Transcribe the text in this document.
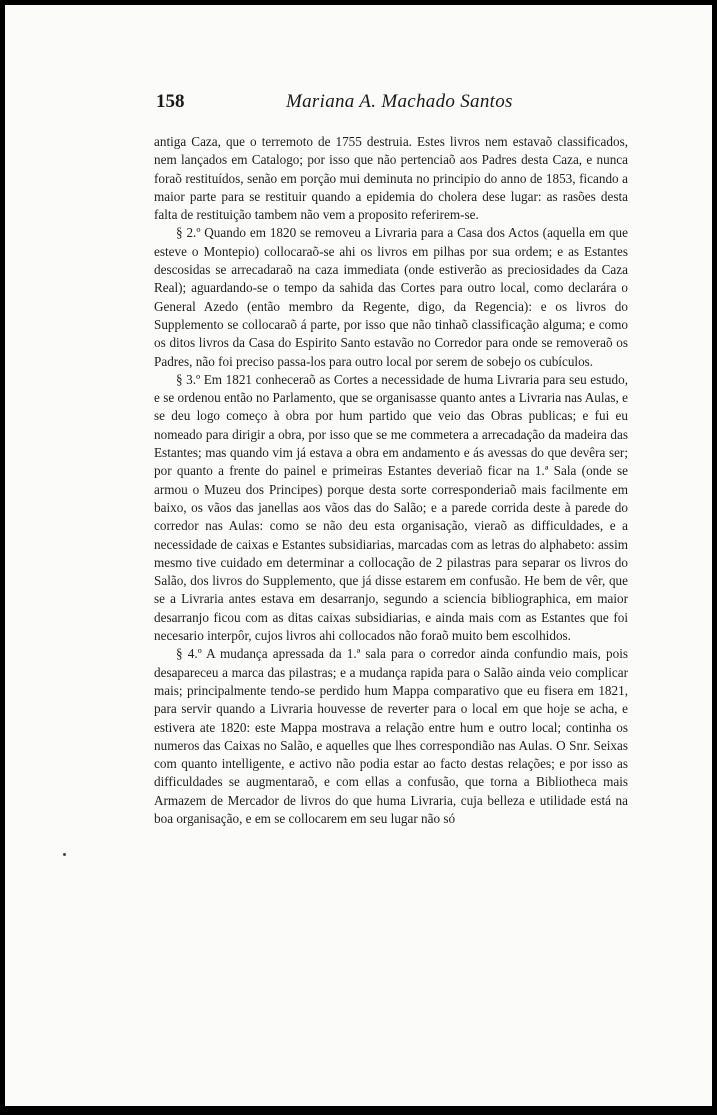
158	Mariana A. Machado Santos

antiga Caza, que o terremoto de 1755 destruia. Estes livros nem estavaõ classificados, nem lançados em Catalogo; por isso que não pertenciaõ aos Padres desta Caza, e nunca foraõ restituídos, senão em porção mui deminuta no principio do anno de 1853, ficando a maior parte para se restituir quando a epidemia do cholera dese lugar: as rasões desta falta de restituição tambem não vem a proposito referirem-se.

§ 2.º Quando em 1820 se removeu a Livraria para a Casa dos Actos (aquella em que esteve o Montepio) collocaraõ-se ahi os livros em pilhas por sua ordem; e as Estantes descosidas se arrecadaraõ na caza immediata (onde estiverão as preciosidades da Caza Real); aguardando-se o tempo da sahida das Cortes para outro local, como declarára o General Azedo (então membro da Regente, digo, da Regencia): e os livros do Supplemento se collocaraõ á parte, por isso que não tinhaõ classificação alguma; e como os ditos livros da Casa do Espirito Santo estavão no Corredor para onde se removeraõ os Padres, não foi preciso passa-los para outro local por serem de sobejo os cubículos.

§ 3.º Em 1821 conheceraõ as Cortes a necessidade de huma Livraria para seu estudo, e se ordenou então no Parlamento, que se organisasse quanto antes a Livraria nas Aulas, e se deu logo começo à obra por hum partido que veio das Obras publicas; e fui eu nomeado para dirigir a obra, por isso que se me commetera a arrecadação da madeira das Estantes; mas quando vim já estava a obra em andamento e ás avessas do que devêra ser; por quanto a frente do painel e primeiras Estantes deveriaõ ficar na 1.ª Sala (onde se armou o Muzeu dos Principes) porque desta sorte corresponderiaõ mais facilmente em baixo, os vãos das janellas aos vãos das do Salão; e a parede corrida deste à parede do corredor nas Aulas: como se não deu esta organisação, vieraõ as difficuldades, e a necessidade de caixas e Estantes subsidiarias, marcadas com as letras do alphabeto: assim mesmo tive cuidado em determinar a collocação de 2 pilastras para separar os livros do Salão, dos livros do Supplemento, que já disse estarem em confusão. He bem de vêr, que se a Livraria antes estava em desarranjo, segundo a sciencia bibliographica, em maior desarranjo ficou com as ditas caixas subsidiarias, e ainda mais com as Estantes que foi necesario interpôr, cujos livros ahi collocados não foraõ muito bem escolhidos.

§ 4.º A mudança apressada da 1.ª sala para o corredor ainda confundio mais, pois desapareceu a marca das pilastras; e a mudança rapida para o Salão ainda veio complicar mais; principalmente tendo-se perdido hum Mappa comparativo que eu fisera em 1821, para servir quando a Livraria houvesse de reverter para o local em que hoje se acha, e estivera ate 1820: este Mappa mostrava a relação entre hum e outro local; continha os numeros das Caixas no Salão, e aquelles que lhes correspondião nas Aulas. O Snr. Seixas com quanto intelligente, e activo não podia estar ao facto destas relações; e por isso as difficuldades se augmentaraõ, e com ellas a confusão, que torna a Bibliotheca mais Armazem de Mercador de livros do que huma Livraria, cuja belleza e utilidade está na boa organisação, e em se collocarem em seu lugar não só
